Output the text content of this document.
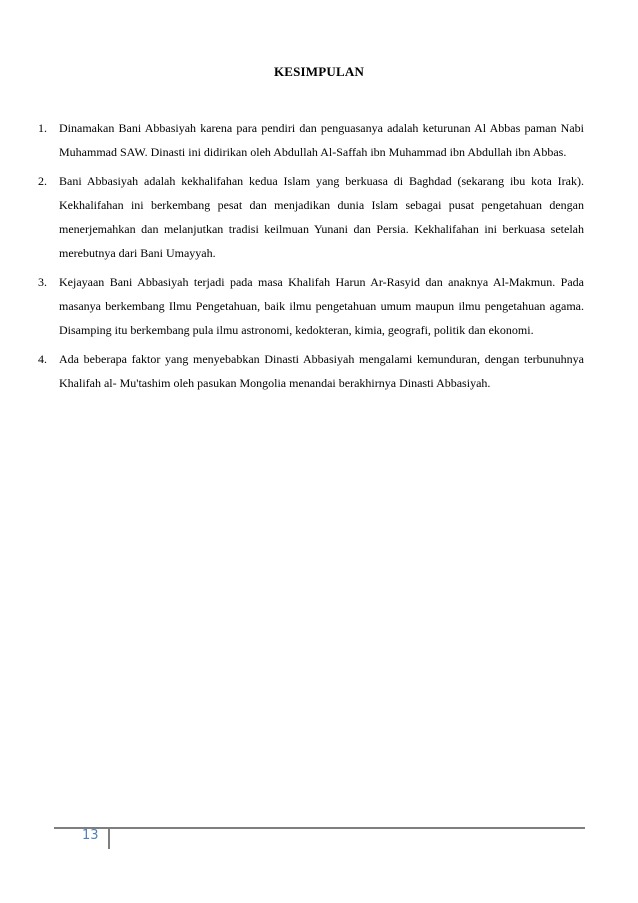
KESIMPULAN
1. Dinamakan Bani Abbasiyah karena para pendiri dan penguasanya adalah keturunan Al Abbas paman Nabi Muhammad SAW. Dinasti ini didirikan oleh Abdullah Al-Saffah ibn Muhammad ibn Abdullah ibn Abbas.
2. Bani Abbasiyah adalah kekhalifahan kedua Islam yang berkuasa di Baghdad (sekarang ibu kota Irak). Kekhalifahan ini berkembang pesat dan menjadikan dunia Islam sebagai pusat pengetahuan dengan menerjemahkan dan melanjutkan tradisi keilmuan Yunani dan Persia. Kekhalifahan ini berkuasa setelah merebutnya dari Bani Umayyah.
3. Kejayaan Bani Abbasiyah terjadi pada masa Khalifah Harun Ar-Rasyid dan anaknya Al-Makmun. Pada masanya berkembang Ilmu Pengetahuan, baik ilmu pengetahuan umum maupun ilmu pengetahuan agama. Disamping itu berkembang pula ilmu astronomi, kedokteran, kimia, geografi, politik dan ekonomi.
4. Ada beberapa faktor yang menyebabkan Dinasti Abbasiyah mengalami kemunduran, dengan terbunuhnya Khalifah al- Mu'tashim oleh pasukan Mongolia menandai berakhirnya Dinasti Abbasiyah.
13
